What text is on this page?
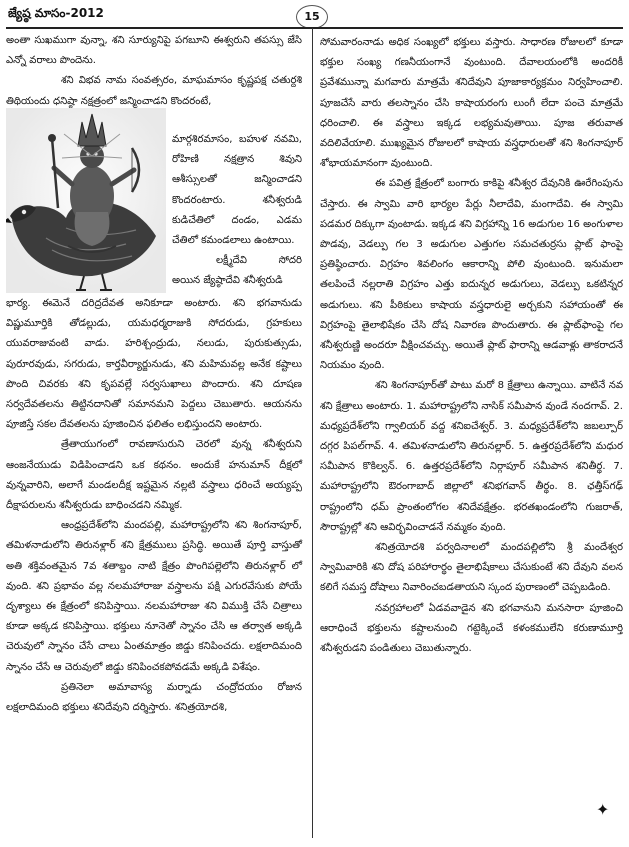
జ్యేష్ఠ మాసం-2012	15

అంతా సుఖముగా వున్నా, శని సూర్యునిపై పగబూని ఈశ్వరుని తపస్సు జేసి ఎన్నో వరాలు పొందెను.

శని విభవ నామ సంవత్సరం, మాఘమాసం కృష్ణపక్ష చతుర్దశి తిథియందు ధనిష్ఠా నక్షత్రంలో జన్మించాడని కొందరంటే,

మార్గశిరమాసం, బహుళ నవమి, రోహిణి నక్షత్రాన శివుని ఆశీస్సులతో జన్మించాడని కొందరంటారు. శనీశ్వరుడి కుడిచేతిలో దండం, ఎడమ చేతిలో కమండలాలు ఉంటాయి.

లక్ష్మీదేవి సోదరి అయిన జ్యేష్ఠాదేవి శనీశ్వరుడి

భార్య. ఈమెనే దరిద్రదేవత అనికూడా అంటారు. శని భగవానుడు విష్ణుమూర్తికి తోడల్లుడు, యమధర్మరాజుకి సోదరుడు, గ్రహకులు యువరాజువంటి వాడు. హరిశ్చంద్రుడు, నలుడు, పురుకుత్సుడు, పురూరవుడు, సగరుడు, కార్తవీర్యార్జునుడు, శని మహిమవల్ల అనేక కష్టాలు పొంది చివరకు శని కృపవల్లే సర్వసుఖాలు పొందారు. శని దూషణ సర్వదేవతలను తిట్టినదానితో సమానమని పెద్దలు చెబుతారు. ఆయనను పూజిస్తే సకల దేవతలను పూజించిన ఫలితం లభిస్తుందని అంటారు.

త్రేతాయుగంలో రావణాసురుని చెరలో వున్న శనీశ్వరుని ఆంజనేయుడు విడిపించాడని ఒక కథనం. అందుకే హనుమాన్ దీక్షలో వున్నవారిని, అలాగే మండలదీక్ష ఇష్టమైన నల్లటి వస్త్రాలు ధరించే అయ్యప్ప దీక్షాపరులను శనీశ్వరుడు బాధించడని నమ్మిక.

ఆంధ్రప్రదేశ్‌లోని మందపల్లి, మహారాష్ట్రలోని శని శింగనాపూర్, తమిళనాడులోని తిరునళ్లార్ శని క్షేత్రములు ప్రసిద్ధి. అయితే పూర్తి వాస్తుతో అతి శక్తివంతమైన 7వ శతాబ్దం నాటి క్షేత్రం పొంగిపల్లెలోని తిరునళ్లార్ లో వుంది. శని ప్రభావం వల్ల నలమహారాజు వస్త్రాలను పక్షి ఎగురవేసుకు పోయే దృశ్యాలు ఈ క్షేత్రంలో కనిపిస్తాయి. నలమహారాజు శని విముక్తి చేసే చిత్రాలు కూడా అక్కడ కనిపిస్తాయి. భక్తులు నూనెతో స్నానం చేసి ఆ తర్వాత అక్కడి చెరువులో స్నానం చేసే చాలు ఏంతమాత్రం జిడ్డు కనిపించదు. లక్షలాదిమంది స్నానం చేసే ఆ చెరువులో జిడ్డు కనిపించకపోవడమే అక్కడి విశేషం.

ప్రతినెలా అమావాస్య మర్నాడు చంద్రోదయం రోజున లక్షలాదిమంది భక్తులు శనిదేవుని దర్శిస్తారు. శనిత్రయోదశి,

సోమవారంనాడు అధిక సంఖ్యలో భక్తులు వస్తారు. సాధారణ రోజులలో కూడా భక్తుల సంఖ్య గణనీయంగానే వుంటుంది. దేవాలయంలోకి అందరికీ ప్రవేశమున్నా మగవారు మాత్రమే శనిదేవుని పూజాకార్యక్రమం నిర్వహించాలి. పూజచేసే వారు తలస్నానం చేసి కాషాయరంగు లుంగీ లేదా పంచె మాత్రమే ధరించాలి. ఈ వస్త్రాలు ఇక్కడ లభ్యమవుతాయి. పూజ తరువాత వదిలివేయాలి. ముఖ్యమైన రోజులలో కాషాయ వస్త్రధారులతో శని శింగనాపూర్ శోభాయమానంగా వుంటుంది.

ఈ పవిత్ర క్షేత్రంలో బంగారు కాకిపై శనీశ్వర దేవునికి ఊరేగింపును చేస్తారు. ఈ స్వామి వారి భార్యల పేర్లు నీలాదేవి, మంగాదేవి. ఈ స్వామి పడమర దిక్కుగా వుంటాడు. ఇక్కడ శని విగ్రహాన్ని 16 అడుగుల 16 అంగుళాల పొడవు, వెడల్పు గల 3 అడుగుల ఎత్తుగల సమచతుర్రసు ప్లాట్ ఫాంపై ప్రతిష్ఠించారు. విగ్రహం శివలింగం ఆకారాన్ని పోలి వుంటుంది. ఇనుమలా తలపించే నల్లరాతి విగ్రహం ఎత్తు ఐదున్నర అడుగులు, వెడల్పు ఒకటిన్నర అడుగులు. శని పీఠికులు కాషాయ వస్త్రధారులై అర్చకుని సహాయంతో ఈ విగ్రహంపై తైలాభిషేకం చేసి దోష నివారణ పొందుతారు. ఈ ప్లాట్‌ఫాంపై గల శనీశ్వరుణ్ణి అందరూ వీక్షించవచ్చు. అయితే ప్లాట్ ఫారాన్ని ఆడవాళ్లు తాకరాదనే నియమం వుంది.

శని శింగనాపూర్‌తో పాటు మరో 8 క్షేత్రాలు ఉన్నాయి. వాటినే నవ శని క్షేత్రాలు అంటారు. 1. మహారాష్ట్రలోని నాసిక్ సమీపాన వుండే నందగావ్. 2. మధ్యప్రదేశ్‌లోని గ్వాలియర్ వద్ద శనిఐచేశ్వర్. 3. మధ్యప్రదేశ్‌లోని జబల్పూర్ దగ్గర పిపల్‌గావ్. 4. తమిళనాడులోని తిరునల్లార్. 5. ఉత్తరప్రదేశ్‌లోని మధుర సమీపాన కొకిల్వన్. 6. ఉత్తరప్రదేశ్‌లోని నిర్గాపూర్ సమీపాన శనితీర్థ. 7. మహారాష్ట్రలోని ఔరంగాబాద్ జిల్లాలో శనిభగవాన్ తీర్థం. 8. ఛత్తీస్‌గఢ్ రాష్ట్రంలోని ధమ్ ప్రాంతంలోగల శనిదేవక్షేత్రం. భరతఖండంలోని గుజరాత్, సౌరాష్ట్రల్లో శని ఆవిర్భవించాడనే నమ్మకం వుంది.

శనిత్రయోదశి పర్వదినాలలో మందపల్లిలోని శ్రీ మందేశ్వర స్వామివారికి శని దోష పరిహారార్థం తైలాభిషేకాలు చేసుకుంటే శని దేవుని వలన కలిగే సమస్త దోషాలు నివారించబడతాయని స్కంద పురాణంలో చెప్పబడింది.

నవగ్రహాలలో ఏడవవాడైన శని భగవానుని మనసారా పూజించి ఆరాధించే భక్తులను కష్టాలనుంచి గట్టెక్కించే కళంకములేని కరుణామూర్తి శనీశ్వరుడని పండితులు చెబుతున్నారు.

✦
